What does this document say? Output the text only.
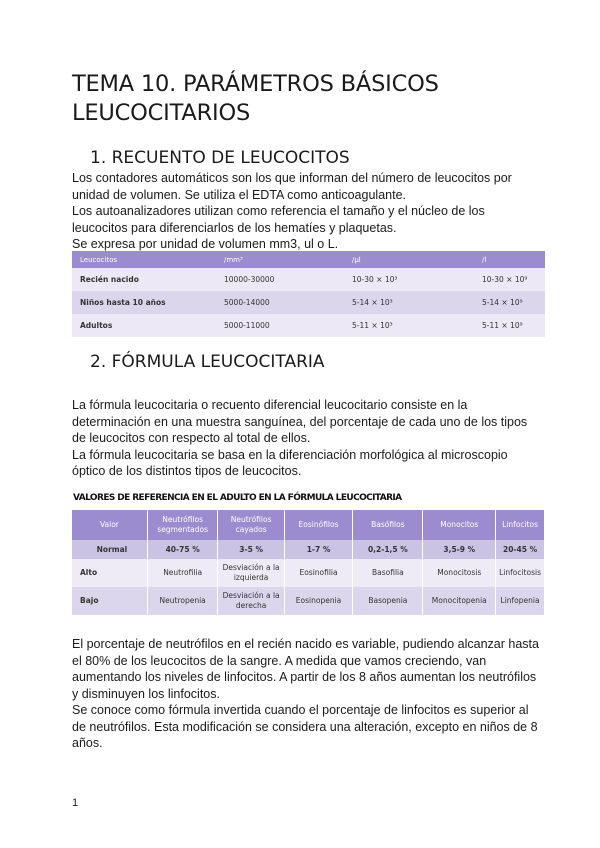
TEMA 10. PARÁMETROS BÁSICOS
LEUCOCITARIOS
1. RECUENTO DE LEUCOCITOS
Los contadores automáticos son los que informan del número de leucocitos por
unidad de volumen. Se utiliza el EDTA como anticoagulante.
Los autoanalizadores utilizan como referencia el tamaño y el núcleo de los
leucocitos para diferenciarlos de los hematíes y plaquetas.
Se expresa por unidad de volumen mm3, ul o L.
Leucocitos	/mm³	/μl	/l
Recién nacido	10000-30000	10-30 × 10³	10-30 × 10⁹
Niños hasta 10 años	5000-14000	5-14 × 10³	5-14 × 10⁹
Adultos	5000-11000	5-11 × 10³	5-11 × 10⁹
2. FÓRMULA LEUCOCITARIA
La fórmula leucocitaria o recuento diferencial leucocitario consiste en la
determinación en una muestra sanguínea, del porcentaje de cada uno de los tipos
de leucocitos con respecto al total de ellos.
La fórmula leucocitaria se basa en la diferenciación morfológica al microscopio
óptico de los distintos tipos de leucocitos.
VALORES DE REFERENCIA EN EL ADULTO EN LA FÓRMULA LEUCOCITARIA
Valor	Neutrófilos segmentados	Neutrófilos cayados	Eosinófilos	Basófilos	Monocitos	Linfocitos
Normal	40-75 %	3-5 %	1-7 %	0,2-1,5 %	3,5-9 %	20-45 %
Alto	Neutrofilia	Desviación a la izquierda	Eosinofilia	Basofilia	Monocitosis	Linfocitosis
Bajo	Neutropenia	Desviación a la derecha	Eosinopenia	Basopenia	Monocitopenia	Linfopenia
El porcentaje de neutrófilos en el recién nacido es variable, pudiendo alcanzar hasta
el 80% de los leucocitos de la sangre. A medida que vamos creciendo, van
aumentando los niveles de linfocitos. A partir de los 8 años aumentan los neutrófilos
y disminuyen los linfocitos.
Se conoce como fórmula invertida cuando el porcentaje de linfocitos es superior al
de neutrófilos. Esta modificación se considera una alteración, excepto en niños de 8
años.
1
